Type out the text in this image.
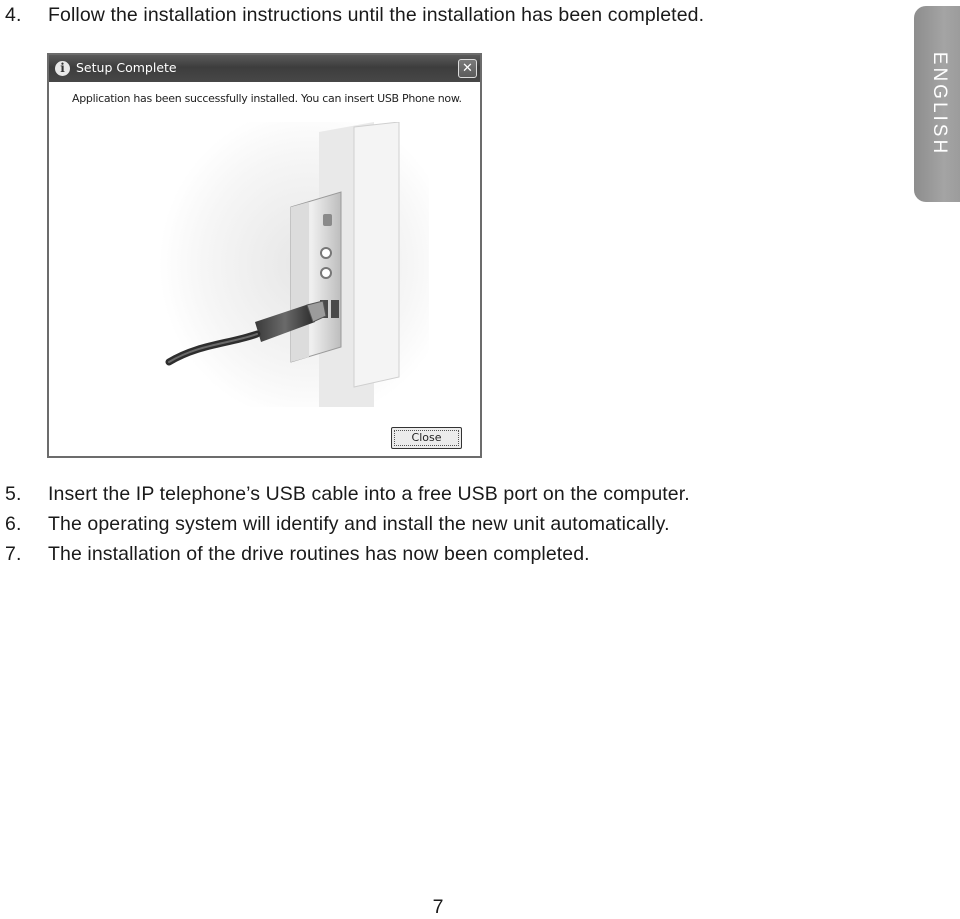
4. Follow the installation instructions until the installation has been completed.
ENGLISH
i Setup Complete	✕
Application has been successfully installed. You can insert USB Phone now.
Close
5. Insert the IP telephone’s USB cable into a free USB port on the computer.
6. The operating system will identify and install the new unit automatically.
7. The installation of the drive routines has now been completed.
7
